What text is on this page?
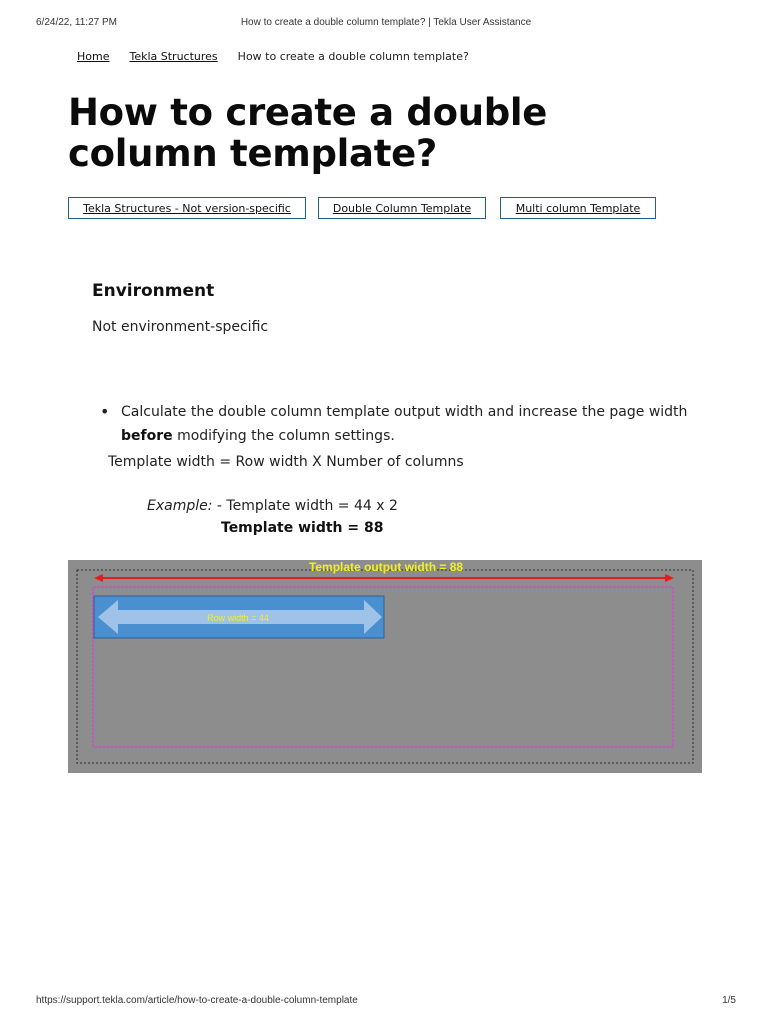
6/24/22, 11:27 PM	How to create a double column template? | Tekla User Assistance
Home Tekla Structures How to create a double column template?
How to create a double
column template?
Tekla Structures - Not version-specific	Double Column Template	Multi column Template
Environment
Not environment-specific
• Calculate the double column template output width and increase the page width
before modifying the column settings.
Template width = Row width X Number of columns
Example: - Template width = 44 x 2
Template width = 88
Template output width = 88
Row width = 44
https://support.tekla.com/article/how-to-create-a-double-column-template	1/5
